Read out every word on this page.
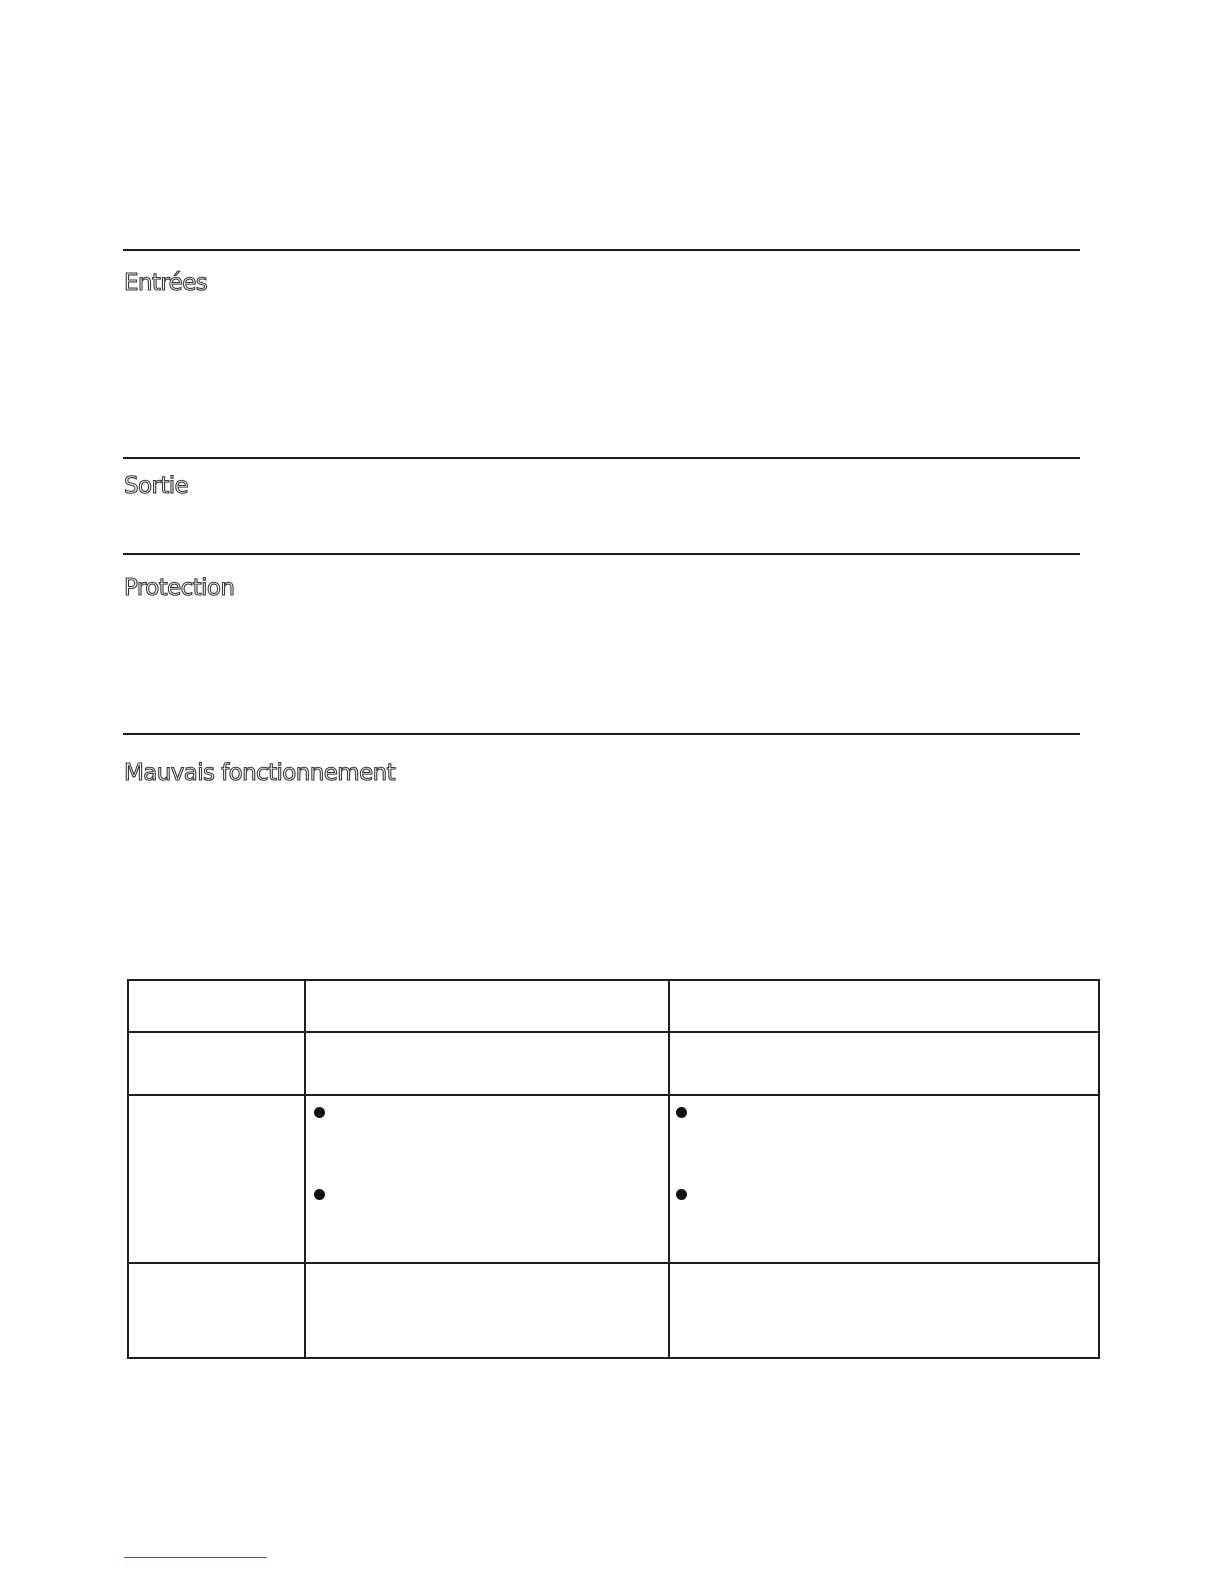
Entrées
Sortie
Protection
Mauvais fonctionnement
